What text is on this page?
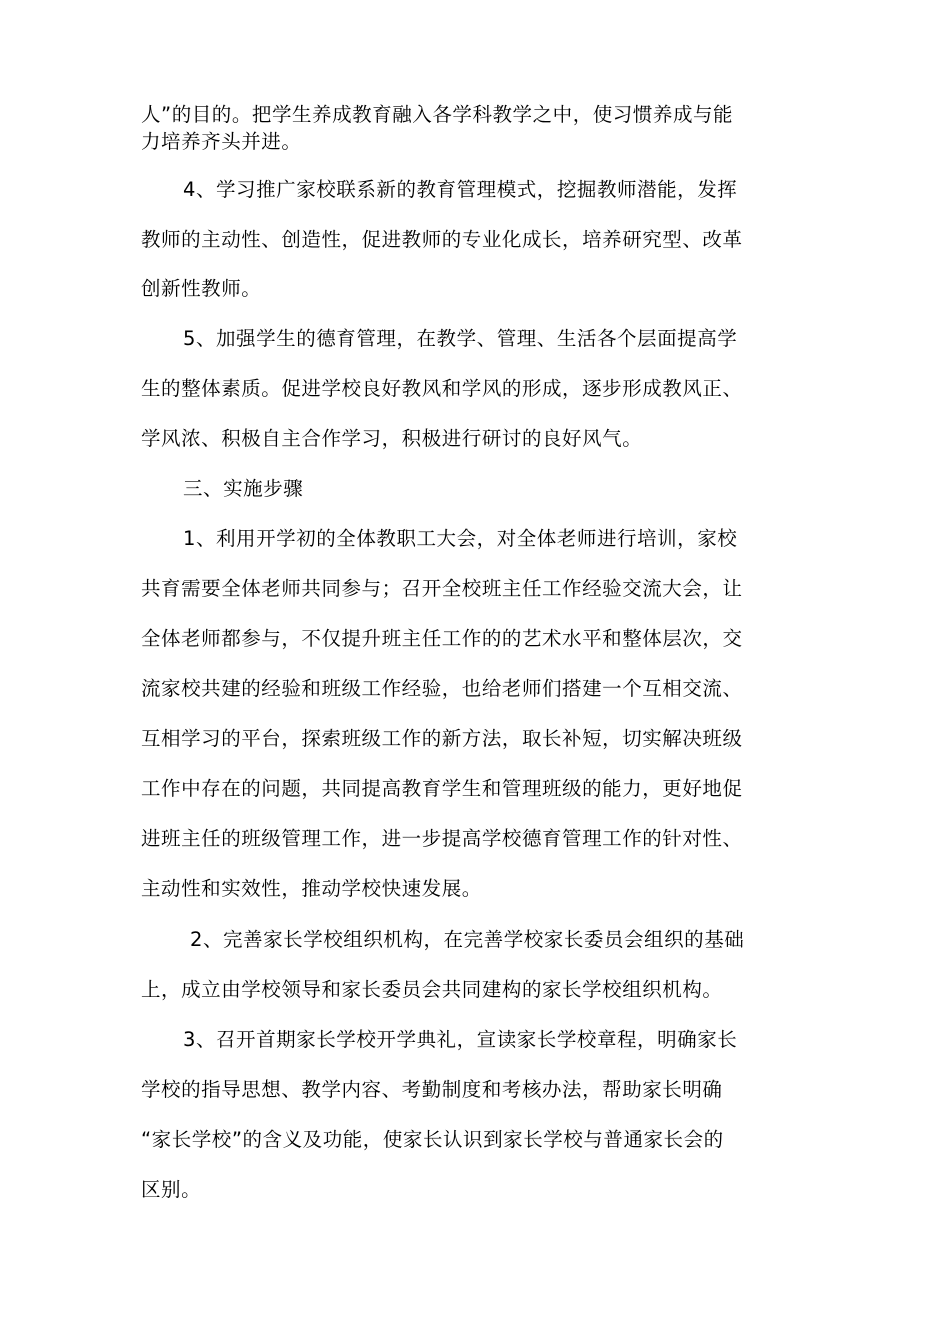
人”的目的。把学生养成教育融入各学科教学之中，使习惯养成与能
力培养齐头并进。
4、学习推广家校联系新的教育管理模式，挖掘教师潜能，发挥
教师的主动性、创造性，促进教师的专业化成长，培养研究型、改革
创新性教师。
5、加强学生的德育管理，在教学、管理、生活各个层面提高学
生的整体素质。促进学校良好教风和学风的形成，逐步形成教风正、
学风浓、积极自主合作学习，积极进行研讨的良好风气。
三、实施步骤
1、利用开学初的全体教职工大会，对全体老师进行培训，家校
共育需要全体老师共同参与；召开全校班主任工作经验交流大会，让
全体老师都参与，不仅提升班主任工作的的艺术水平和整体层次，交
流家校共建的经验和班级工作经验，也给老师们搭建一个互相交流、
互相学习的平台，探索班级工作的新方法，取长补短，切实解决班级
工作中存在的问题，共同提高教育学生和管理班级的能力，更好地促
进班主任的班级管理工作，进一步提高学校德育管理工作的针对性、
主动性和实效性，推动学校快速发展。
2、完善家长学校组织机构，在完善学校家长委员会组织的基础
上，成立由学校领导和家长委员会共同建构的家长学校组织机构。
3、召开首期家长学校开学典礼，宣读家长学校章程，明确家长
学校的指导思想、教学内容、考勤制度和考核办法，帮助家长明确
“家长学校”的含义及功能，使家长认识到家长学校与普通家长会的
区别。
